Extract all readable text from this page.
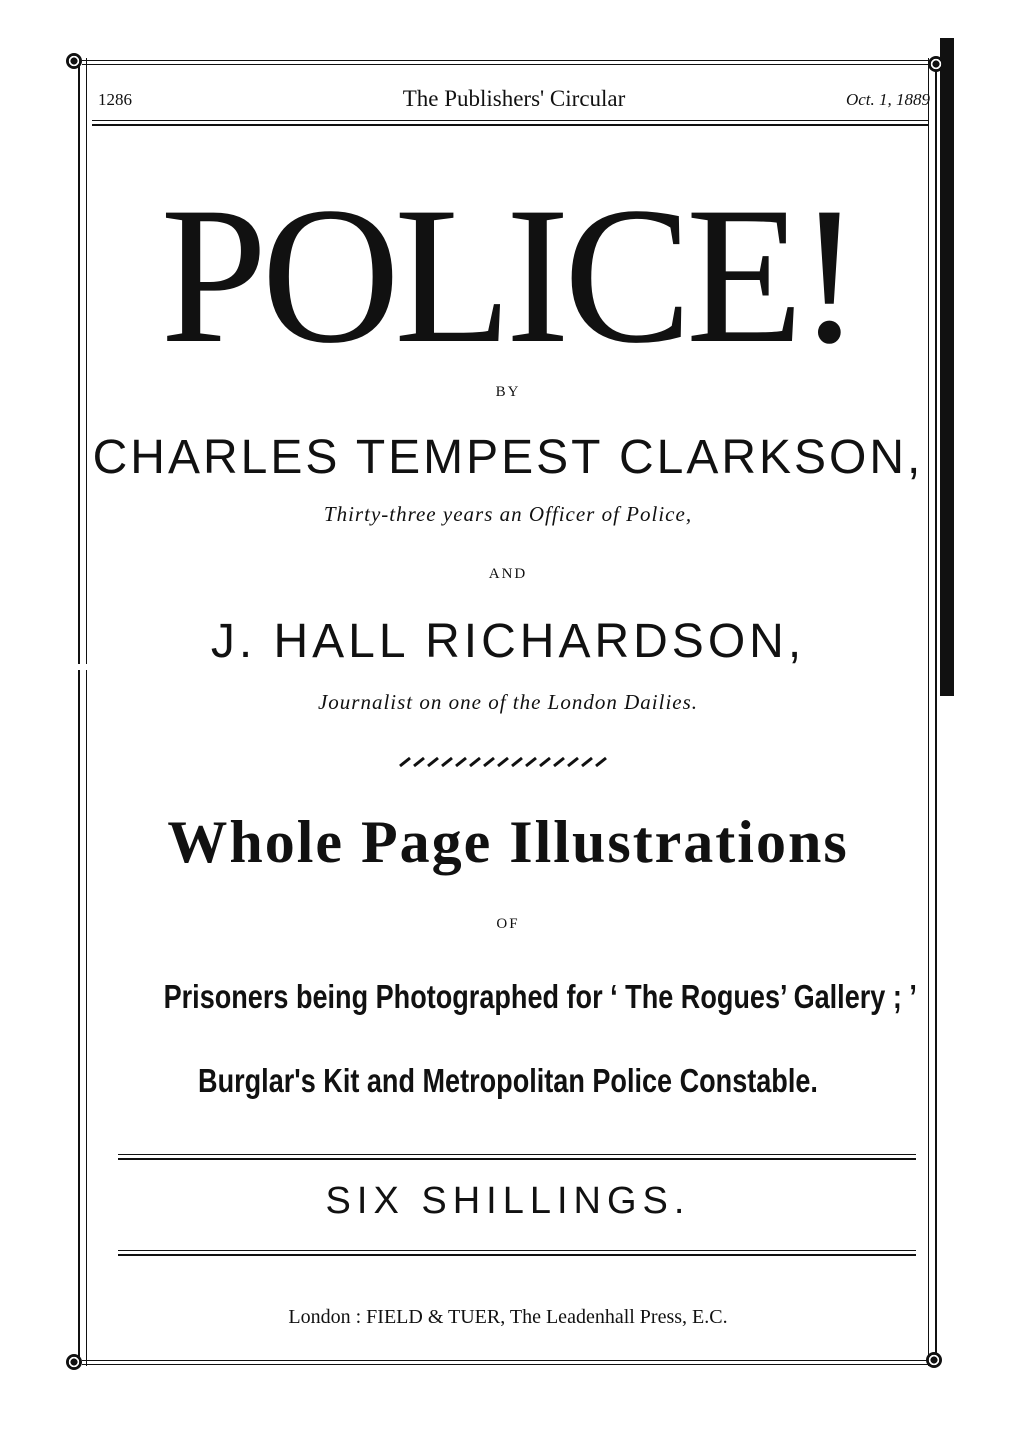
1286	The Publishers' Circular	Oct. 1, 1889
POLICE!
BY
CHARLES TEMPEST CLARKSON,
Thirty-three years an Officer of Police,
AND
J. HALL RICHARDSON,
Journalist on one of the London Dailies.
Whole Page Illustrations
OF
Prisoners being Photographed for ‘ The Rogues’ Gallery ; ’
Burglar's Kit and Metropolitan Police Constable.
SIX SHILLINGS.
London : FIELD & TUER, The Leadenhall Press, E.C.
